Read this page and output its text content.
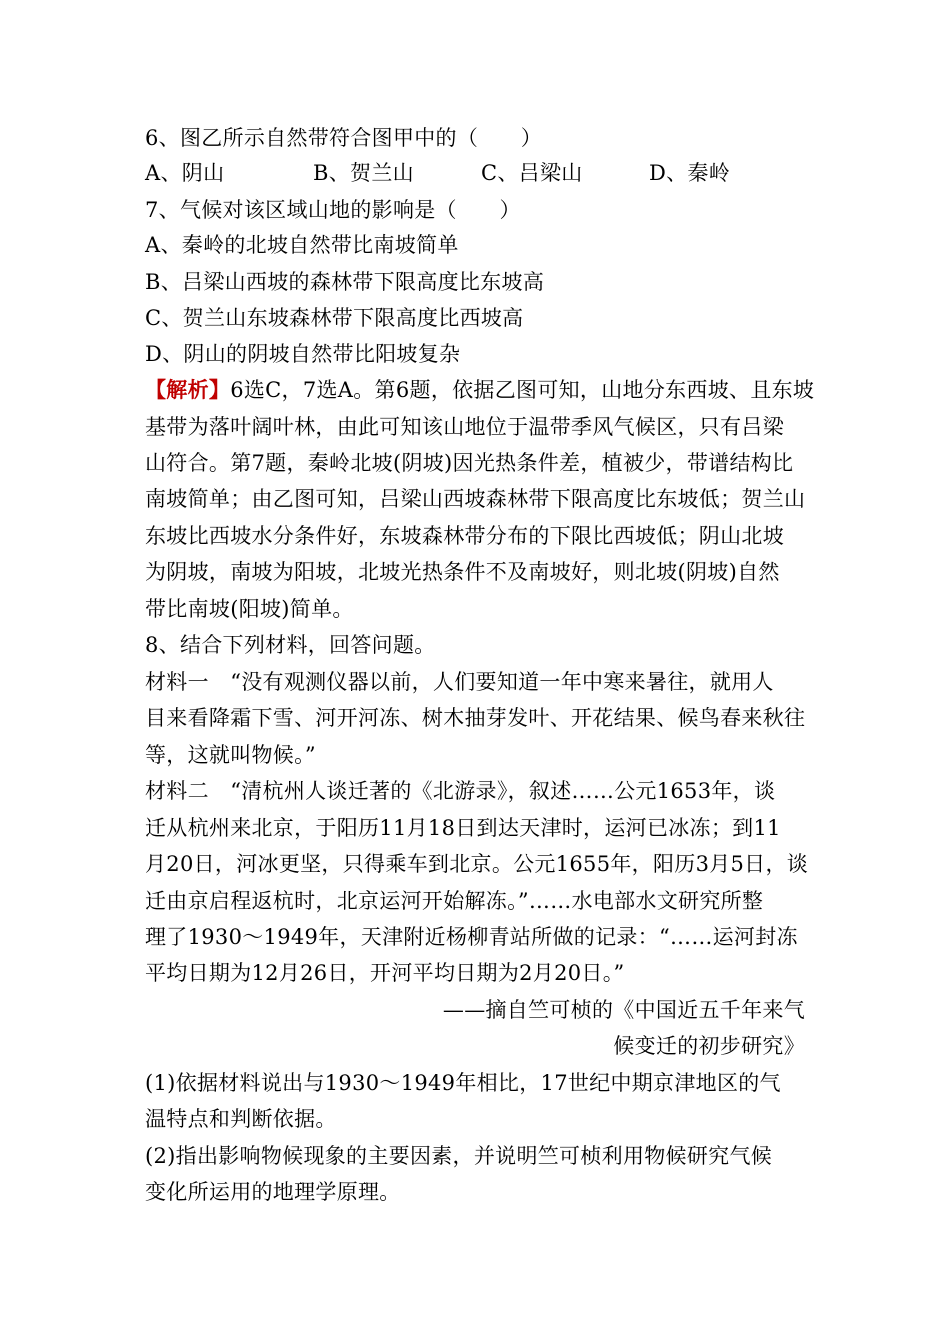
6、图乙所示自然带符合图甲中的（　　）
A、阴山	B、贺兰山	C、吕梁山	D、秦岭
7、气候对该区域山地的影响是（　　）
A、秦岭的北坡自然带比南坡简单
B、吕梁山西坡的森林带下限高度比东坡高
C、贺兰山东坡森林带下限高度比西坡高
D、阴山的阴坡自然带比阳坡复杂
【解析】6选C，7选A。第6题，依据乙图可知，山地分东西坡、且东坡
基带为落叶阔叶林，由此可知该山地位于温带季风气候区，只有吕梁
山符合。第7题，秦岭北坡(阴坡)因光热条件差，植被少，带谱结构比
南坡简单；由乙图可知，吕梁山西坡森林带下限高度比东坡低；贺兰山
东坡比西坡水分条件好，东坡森林带分布的下限比西坡低；阴山北坡
为阴坡，南坡为阳坡，北坡光热条件不及南坡好，则北坡(阴坡)自然
带比南坡(阳坡)简单。
8、结合下列材料，回答问题。
材料一　“没有观测仪器以前，人们要知道一年中寒来暑往，就用人
目来看降霜下雪、河开河冻、树木抽芽发叶、开花结果、候鸟春来秋往
等，这就叫物候。”
材料二　“清杭州人谈迁著的《北游录》，叙述……公元1653年，谈
迁从杭州来北京，于阳历11月18日到达天津时，运河已冰冻；到11
月20日，河冰更坚，只得乘车到北京。公元1655年，阳历3月5日，谈
迁由京启程返杭时，北京运河开始解冻。”……水电部水文研究所整
理了1930～1949年，天津附近杨柳青站所做的记录：“……运河封冻
平均日期为12月26日，开河平均日期为2月20日。”
——摘自竺可桢的《中国近五千年来气
候变迁的初步研究》
(1)依据材料说出与1930～1949年相比，17世纪中期京津地区的气
温特点和判断依据。
(2)指出影响物候现象的主要因素，并说明竺可桢利用物候研究气候
变化所运用的地理学原理。
